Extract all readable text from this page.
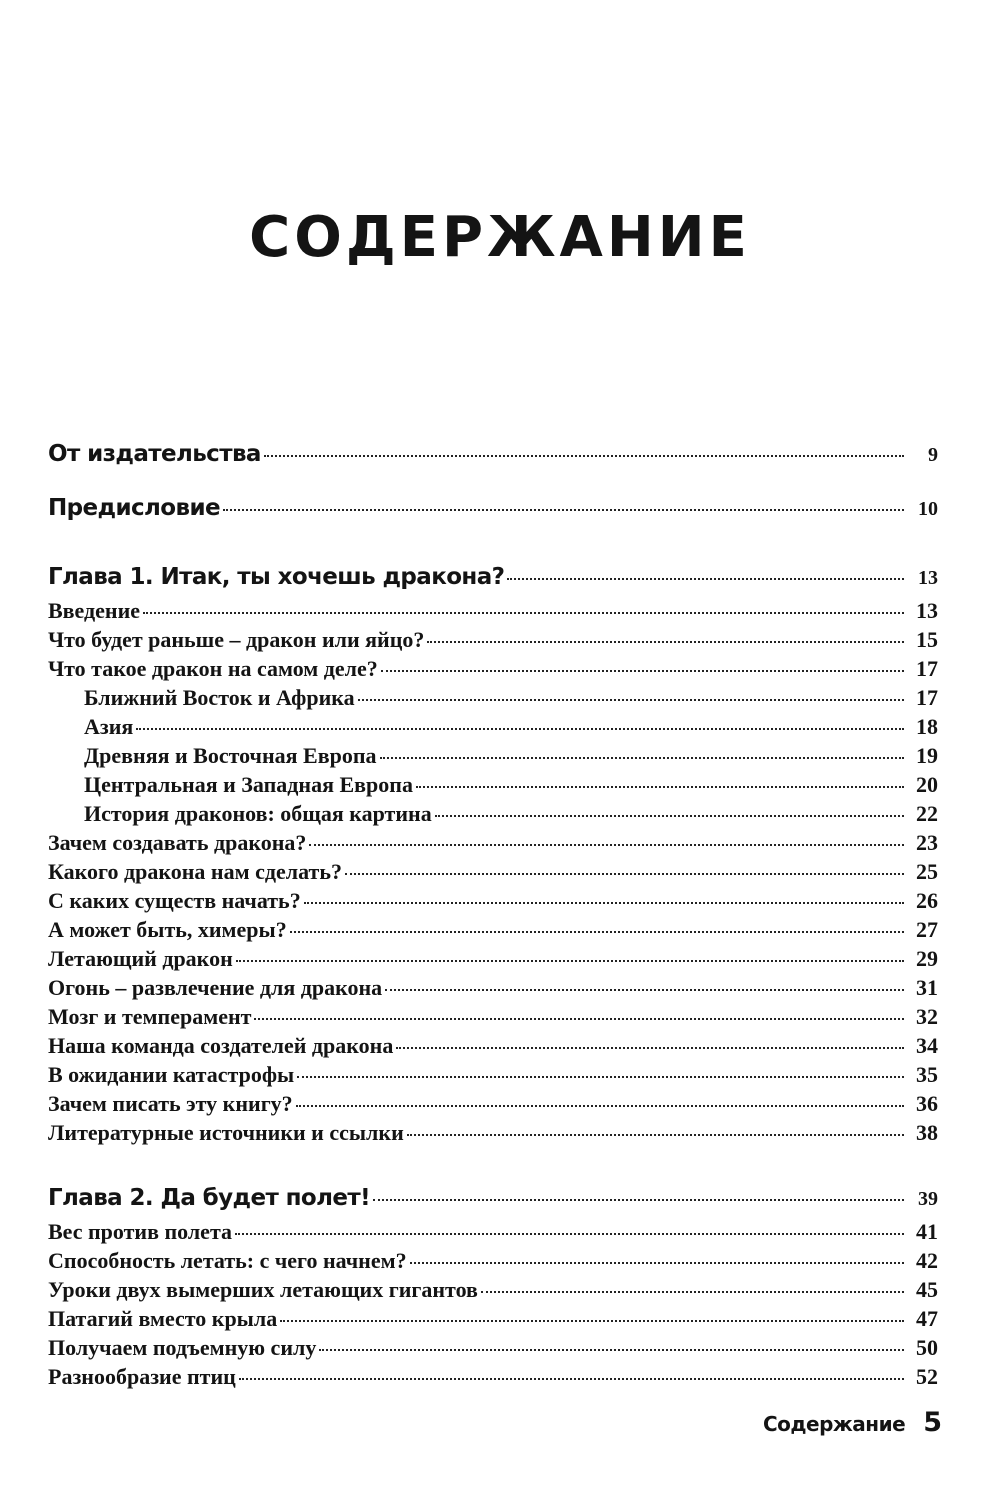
СОДЕРЖАНИЕ
От издательства	9
Предисловие	10
Глава 1. Итак, ты хочешь дракона?	13
Введение	13
Что будет раньше – дракон или яйцо?	15
Что такое дракон на самом деле?	17
Ближний Восток и Африка	17
Азия	18
Древняя и Восточная Европа	19
Центральная и Западная Европа	20
История драконов: общая картина	22
Зачем создавать дракона?	23
Какого дракона нам сделать?	25
С каких существ начать?	26
А может быть, химеры?	27
Летающий дракон	29
Огонь – развлечение для дракона	31
Мозг и темперамент	32
Наша команда создателей дракона	34
В ожидании катастрофы	35
Зачем писать эту книгу?	36
Литературные источники и ссылки	38
Глава 2. Да будет полет!	39
Вес против полета	41
Способность летать: с чего начнем?	42
Уроки двух вымерших летающих гигантов	45
Патагий вместо крыла	47
Получаем подъемную силу	50
Разнообразие птиц	52
Содержание 5
